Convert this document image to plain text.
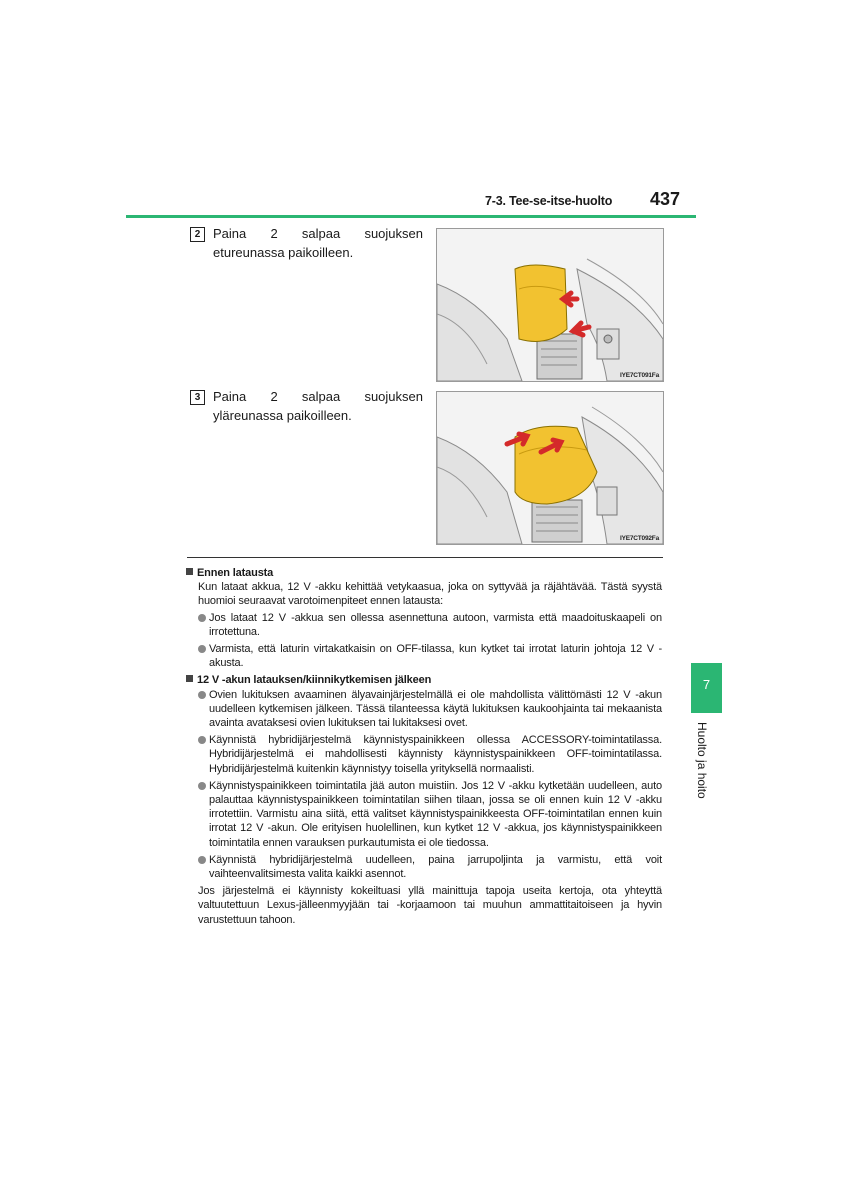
7-3. Tee-se-itse-huolto 437
2 Paina 2 salpaa suojuksen etureunassa paikoilleen.
IYE7CT091Fa
3 Paina 2 salpaa suojuksen yläreunassa paikoilleen.
IYE7CT092Fa

Ennen latausta

Kun lataat akkua, 12 V -akku kehittää vetykaasua, joka on syttyvää ja räjähtävää. Tästä syystä huomioi seuraavat varotoimenpiteet ennen latausta:

Jos lataat 12 V -akkua sen ollessa asennettuna autoon, varmista että maadoituskaapeli on irrotettuna.
Varmista, että laturin virtakatkaisin on OFF-tilassa, kun kytket tai irrotat laturin johtoja 12 V -akusta.

12 V -akun latauksen/kiinnikytkemisen jälkeen

Ovien lukituksen avaaminen älyavainjärjestelmällä ei ole mahdollista välittömästi 12 V -akun uudelleen kytkemisen jälkeen. Tässä tilanteessa käytä lukituksen kaukoohjainta tai mekaanista avainta avataksesi ovien lukituksen tai lukitaksesi ovet.
Käynnistä hybridijärjestelmä käynnistyspainikkeen ollessa ACCESSORY-toimintatilassa. Hybridijärjestelmä ei mahdollisesti käynnisty käynnistyspainikkeen OFF-toimintatilassa. Hybridijärjestelmä kuitenkin käynnistyy toisella yrityksellä normaalisti.
Käynnistyspainikkeen toimintatila jää auton muistiin. Jos 12 V -akku kytketään uudelleen, auto palauttaa käynnistyspainikkeen toimintatilan siihen tilaan, jossa se oli ennen kuin 12 V -akku irrotettiin. Varmistu aina siitä, että valitset käynnistyspainikkeesta OFF-toimintatilan ennen kuin irrotat 12 V -akun. Ole erityisen huolellinen, kun kytket 12 V -akkua, jos käynnistyspainikkeen toimintatila ennen varauksen purkautumista ei ole tiedossa.
Käynnistä hybridijärjestelmä uudelleen, paina jarrupoljinta ja varmistu, että voit vaihteenvalitsimesta valita kaikki asennot.

Jos järjestelmä ei käynnisty kokeiltuasi yllä mainittuja tapoja useita kertoja, ota yhteyttä valtuutettuun Lexus-jälleenmyyjään tai -korjaamoon tai muuhun ammattitaitoiseen ja hyvin varustettuun tahoon.

7
Huolto ja hoito
